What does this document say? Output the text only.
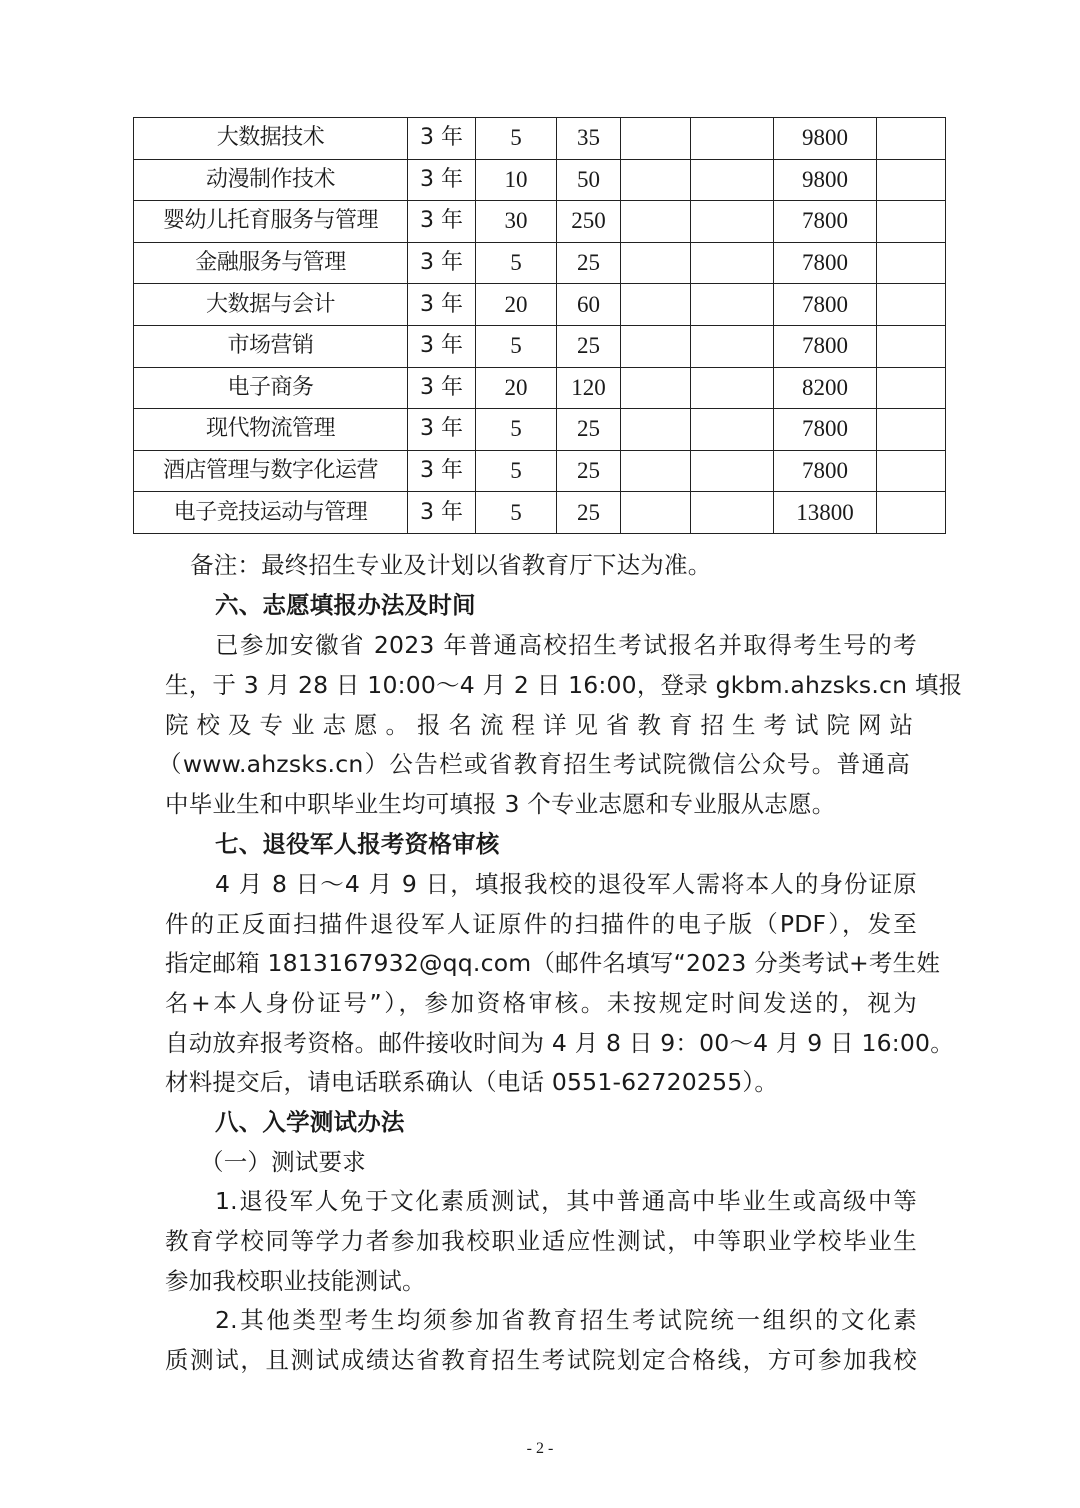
大数据技术	3 年	5	35			9800	
动漫制作技术	3 年	10	50			9800	
婴幼儿托育服务与管理	3 年	30	250			7800	
金融服务与管理	3 年	5	25			7800	
大数据与会计	3 年	20	60			7800	
市场营销	3 年	5	25			7800	
电子商务	3 年	20	120			8200	
现代物流管理	3 年	5	25			7800	
酒店管理与数字化运营	3 年	5	25			7800	
电子竞技运动与管理	3 年	5	25			13800	
备注：最终招生专业及计划以省教育厅下达为准。
六、志愿填报办法及时间
已参加安徽省 2023 年普通高校招生考试报名并取得考生号的考
生，于 3 月 28 日 10:00～4 月 2 日 16:00，登录 gkbm.ahzsks.cn 填报
院校及专业志愿。报名流程详见省教育招生考试院网站
（www.ahzsks.cn）公告栏或省教育招生考试院微信公众号。普通高
中毕业生和中职毕业生均可填报 3 个专业志愿和专业服从志愿。
七、退役军人报考资格审核
4 月 8 日～4 月 9 日，填报我校的退役军人需将本人的身份证原
件的正反面扫描件退役军人证原件的扫描件的电子版（PDF），发至
指定邮箱 1813167932@qq.com（邮件名填写“2023 分类考试+考生姓
名+本人身份证号”），参加资格审核。未按规定时间发送的，视为
自动放弃报考资格。邮件接收时间为 4 月 8 日 9：00～4 月 9 日 16:00。
材料提交后，请电话联系确认（电话 0551-62720255）。
八、入学测试办法
（一）测试要求
1.退役军人免于文化素质测试，其中普通高中毕业生或高级中等
教育学校同等学力者参加我校职业适应性测试，中等职业学校毕业生
参加我校职业技能测试。
2.其他类型考生均须参加省教育招生考试院统一组织的文化素
质测试，且测试成绩达省教育招生考试院划定合格线，方可参加我校
- 2 -
